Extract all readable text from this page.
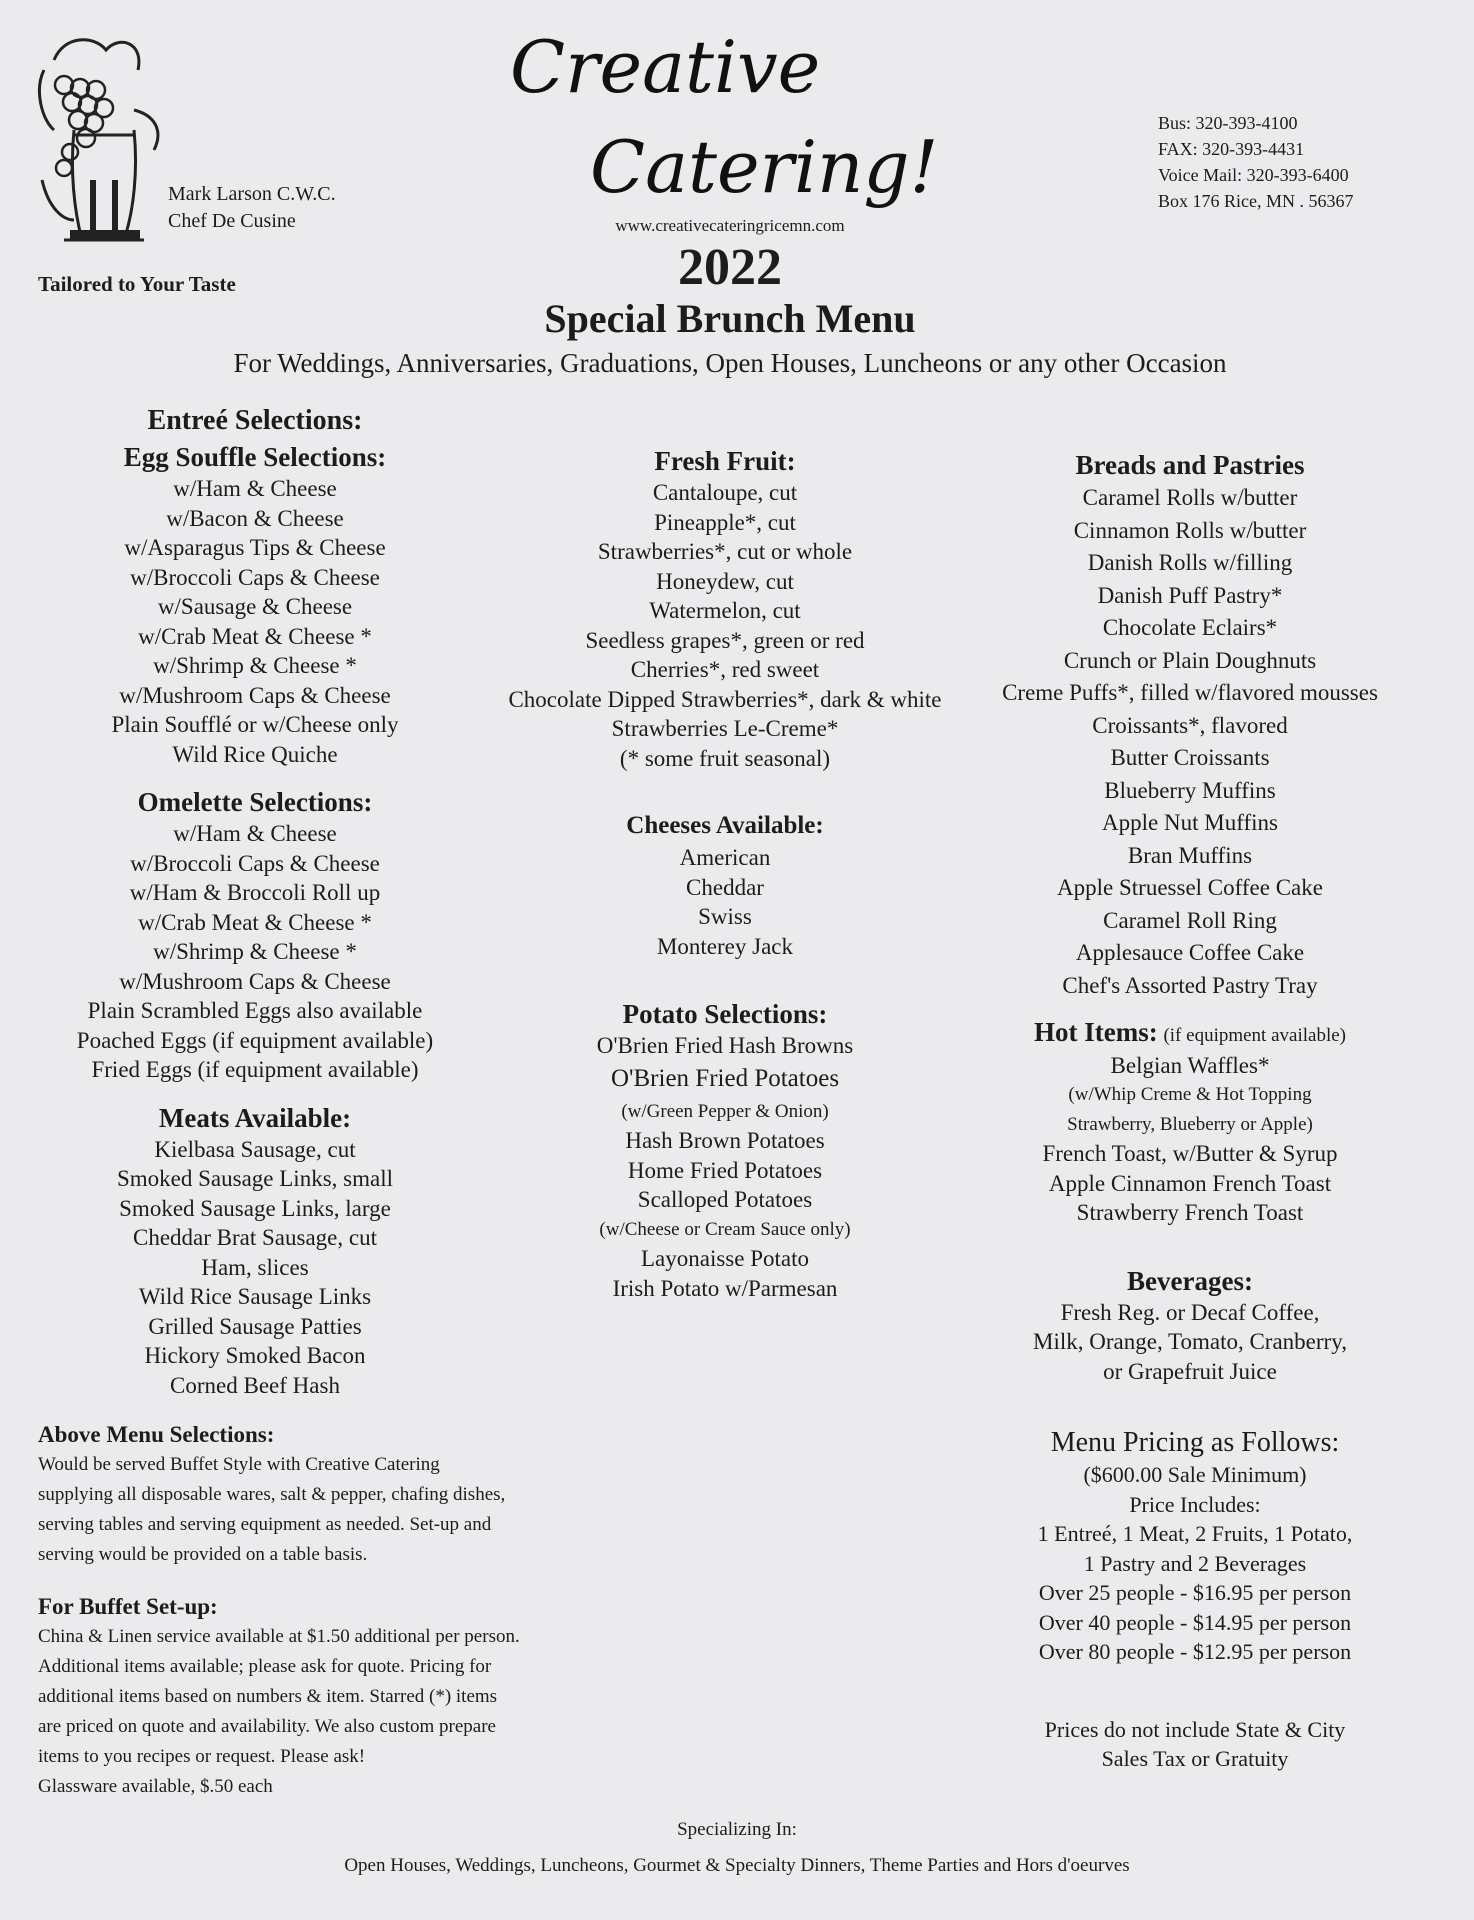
Mark Larson C.W.C.
Chef De Cusine
Tailored to Your Taste
Creative
Catering!
www.creativecateringricemn.com
2022
Special Brunch Menu
For Weddings, Anniversaries, Graduations, Open Houses, Luncheons or any other Occasion
Bus: 320-393-4100
FAX: 320-393-4431
Voice Mail: 320-393-6400
Box 176 Rice, MN . 56367
Entreé Selections:
Egg Souffle Selections:
w/Ham & Cheese
w/Bacon & Cheese
w/Asparagus Tips & Cheese
w/Broccoli Caps & Cheese
w/Sausage & Cheese
w/Crab Meat & Cheese *
w/Shrimp & Cheese *
w/Mushroom Caps & Cheese
Plain Soufflé or w/Cheese only
Wild Rice Quiche
Omelette Selections:
w/Ham & Cheese
w/Broccoli Caps & Cheese
w/Ham & Broccoli Roll up
w/Crab Meat & Cheese *
w/Shrimp & Cheese *
w/Mushroom Caps & Cheese
Plain Scrambled Eggs also available
Poached Eggs (if equipment available)
Fried Eggs (if equipment available)
Meats Available:
Kielbasa Sausage, cut
Smoked Sausage Links, small
Smoked Sausage Links, large
Cheddar Brat Sausage, cut
Ham, slices
Wild Rice Sausage Links
Grilled Sausage Patties
Hickory Smoked Bacon
Corned Beef Hash
Fresh Fruit:
Cantaloupe, cut
Pineapple*, cut
Strawberries*, cut or whole
Honeydew, cut
Watermelon, cut
Seedless grapes*, green or red
Cherries*, red sweet
Chocolate Dipped Strawberries*, dark & white
Strawberries Le-Creme*
(* some fruit seasonal)
Cheeses Available:
American
Cheddar
Swiss
Monterey Jack
Potato Selections:
O'Brien Fried Hash Browns
O'Brien Fried Potatoes
(w/Green Pepper & Onion)
Hash Brown Potatoes
Home Fried Potatoes
Scalloped Potatoes
(w/Cheese or Cream Sauce only)
Layonaisse Potato
Irish Potato w/Parmesan
Breads and Pastries
Caramel Rolls w/butter
Cinnamon Rolls w/butter
Danish Rolls w/filling
Danish Puff Pastry*
Chocolate Eclairs*
Crunch or Plain Doughnuts
Creme Puffs*, filled w/flavored mousses
Croissants*, flavored
Butter Croissants
Blueberry Muffins
Apple Nut Muffins
Bran Muffins
Apple Struessel Coffee Cake
Caramel Roll Ring
Applesauce Coffee Cake
Chef's Assorted Pastry Tray
Hot Items: (if equipment available)
Belgian Waffles*
(w/Whip Creme & Hot Topping
Strawberry, Blueberry or Apple)
French Toast, w/Butter & Syrup
Apple Cinnamon French Toast
Strawberry French Toast
Beverages:
Fresh Reg. or Decaf Coffee,
Milk, Orange, Tomato, Cranberry,
or Grapefruit Juice
Above Menu Selections:
Would be served Buffet Style with Creative Catering
supplying all disposable wares, salt & pepper, chafing dishes,
serving tables and serving equipment as needed. Set-up and
serving would be provided on a table basis.
For Buffet Set-up:
China & Linen service available at $1.50 additional per person.
Additional items available; please ask for quote. Pricing for
additional items based on numbers & item. Starred (*) items
are priced on quote and availability. We also custom prepare
items to you recipes or request. Please ask!
Glassware available, $.50 each
Menu Pricing as Follows:
($600.00 Sale Minimum)
Price Includes:
1 Entreé, 1 Meat, 2 Fruits, 1 Potato,
1 Pastry and 2 Beverages
Over 25 people - $16.95 per person
Over 40 people - $14.95 per person
Over 80 people - $12.95 per person
Prices do not include State & City
Sales Tax or Gratuity
Specializing In:
Open Houses, Weddings, Luncheons, Gourmet & Specialty Dinners, Theme Parties and Hors d'oeurves
